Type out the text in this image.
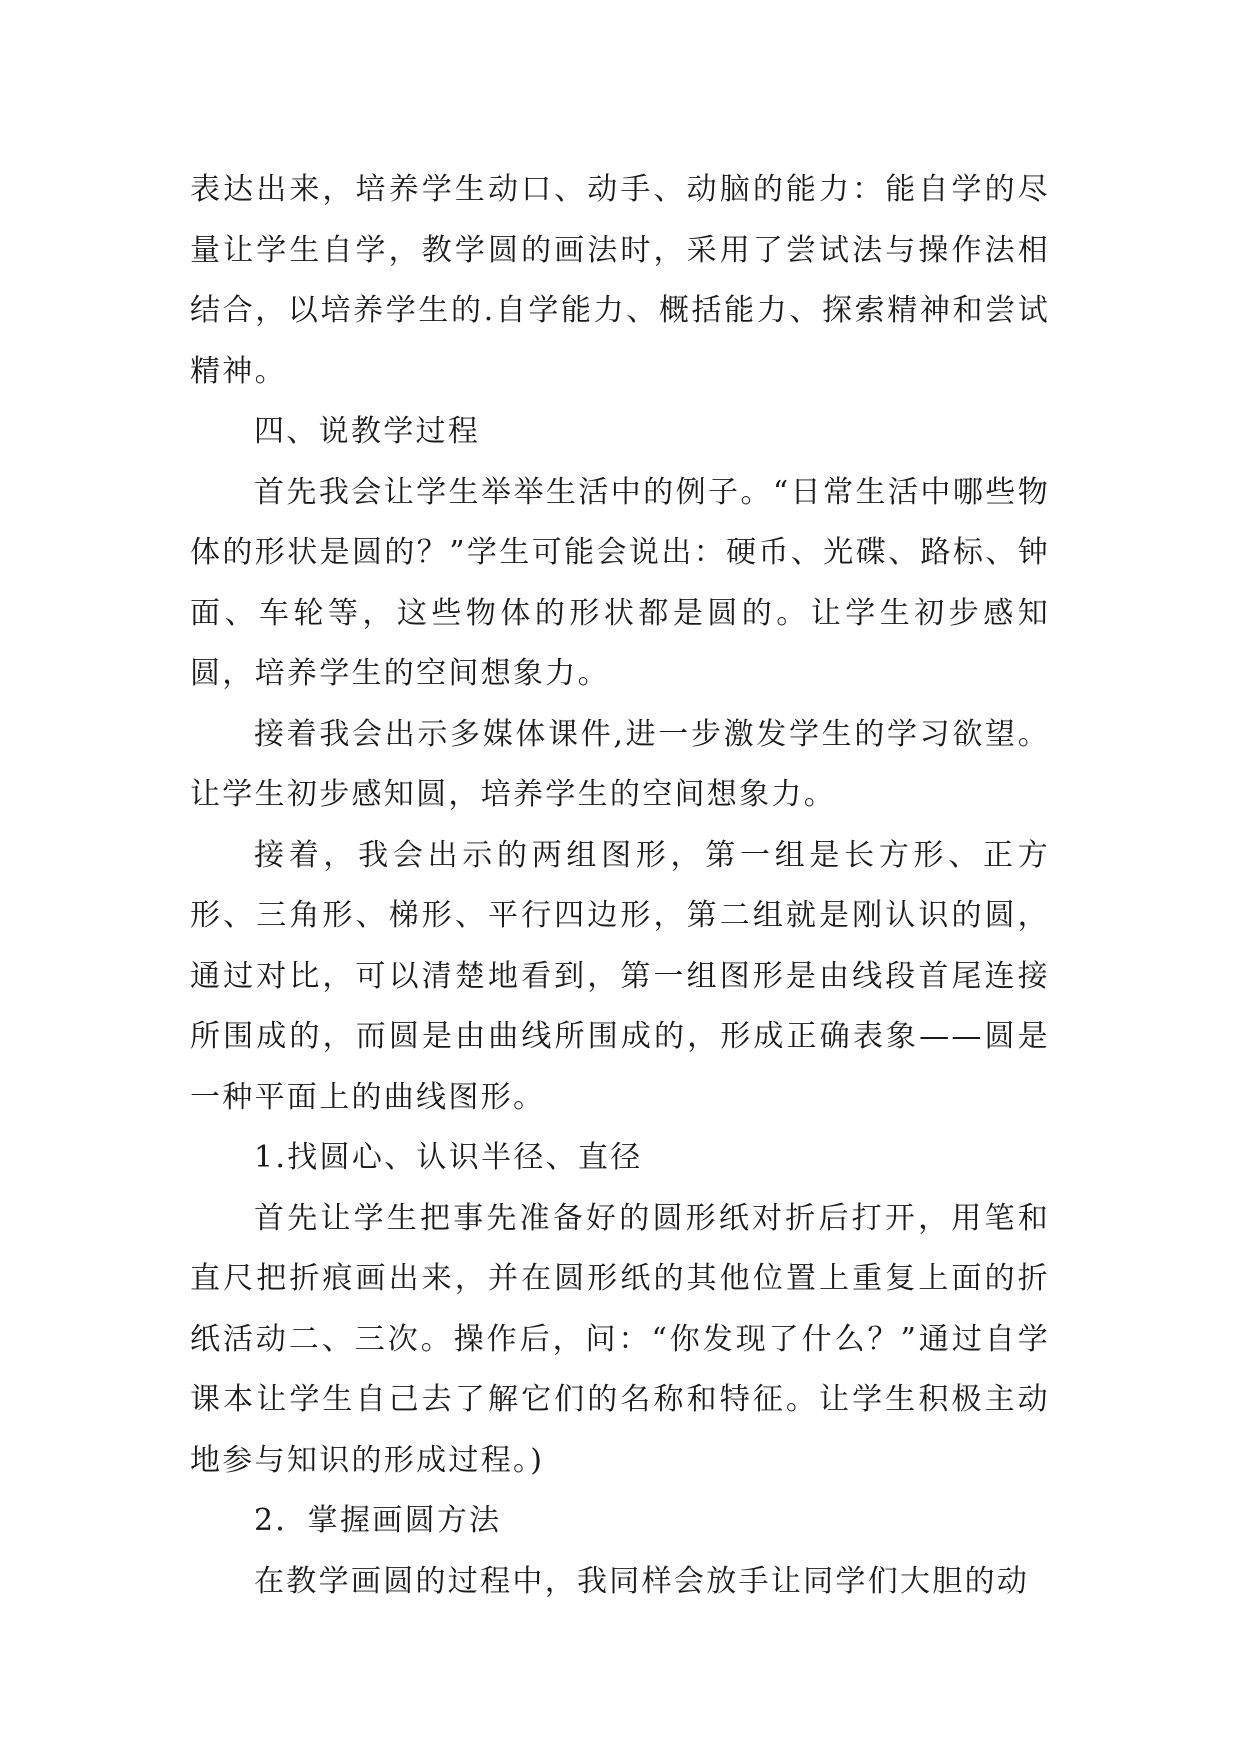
表达出来，培养学生动口、动手、动脑的能力：能自学的尽量让学生自学，教学圆的画法时，采用了尝试法与操作法相结合，以培养学生的.自学能力、概括能力、探索精神和尝试精神。

四、说教学过程

首先我会让学生举举生活中的例子。“日常生活中哪些物体的形状是圆的？”学生可能会说出：硬币、光碟、路标、钟面、车轮等，这些物体的形状都是圆的。让学生初步感知圆，培养学生的空间想象力。

接着我会出示多媒体课件,进一步激发学生的学习欲望。让学生初步感知圆，培养学生的空间想象力。

接着，我会出示的两组图形，第一组是长方形、正方形、三角形、梯形、平行四边形，第二组就是刚认识的圆，通过对比，可以清楚地看到，第一组图形是由线段首尾连接所围成的，而圆是由曲线所围成的，形成正确表象——圆是一种平面上的曲线图形。

1.找圆心、认识半径、直径

首先让学生把事先准备好的圆形纸对折后打开，用笔和直尺把折痕画出来，并在圆形纸的其他位置上重复上面的折纸活动二、三次。操作后，问：“你发现了什么？”通过自学课本让学生自己去了解它们的名称和特征。让学生积极主动地参与知识的形成过程。)

2．掌握画圆方法

在教学画圆的过程中，我同样会放手让同学们大胆的动
